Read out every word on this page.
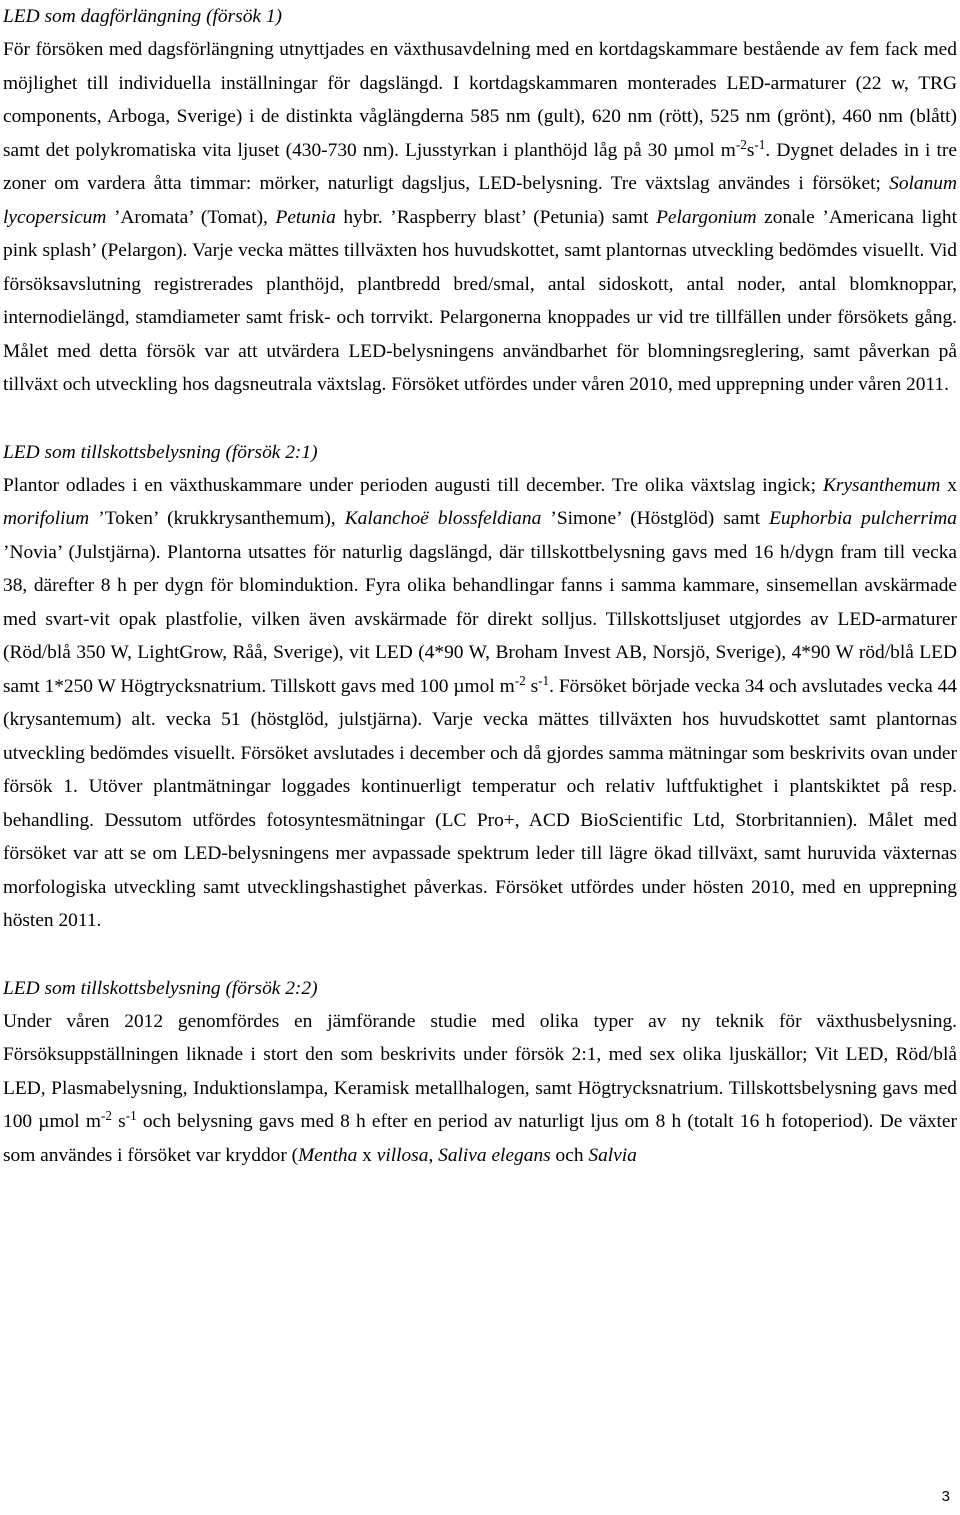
LED som dagförlängning (försök 1)

För försöken med dagsförlängning utnyttjades en växthusavdelning med en kortdagskammare bestående av fem fack med möjlighet till individuella inställningar för dagslängd. I kortdagskammaren monterades LED-armaturer (22 w, TRG components, Arboga, Sverige) i de distinkta våglängderna 585 nm (gult), 620 nm (rött), 525 nm (grönt), 460 nm (blått) samt det polykromatiska vita ljuset (430-730 nm). Ljusstyrkan i planthöjd låg på 30 µmol $m^{-2}s^{-1}$. Dygnet delades in i tre zoner om vardera åtta timmar: mörker, naturligt dagsljus, LED-belysning. Tre växtslag användes i försöket; Solanum lycopersicum ’Aromata’ (Tomat), Petunia hybr. ’Raspberry blast’ (Petunia) samt Pelargonium zonale ’Americana light pink splash’ (Pelargon). Varje vecka mättes tillväxten hos huvudskottet, samt plantornas utveckling bedömdes visuellt. Vid försöksavslutning registrerades planthöjd, plantbredd bred/smal, antal sidoskott, antal noder, antal blomknoppar, internodielängd, stamdiameter samt frisk- och torrvikt. Pelargonerna knoppades ur vid tre tillfällen under försökets gång. Målet med detta försök var att utvärdera LED-belysningens användbarhet för blomningsreglering, samt påverkan på tillväxt och utveckling hos dagsneutrala växtslag. Försöket utfördes under våren 2010, med upprepning under våren 2011.

LED som tillskottsbelysning (försök 2:1)

Plantor odlades i en växthuskammare under perioden augusti till december. Tre olika växtslag ingick; Krysanthemum x morifolium ’Token’ (krukkrysanthemum), Kalanchoë blossfeldiana ’Simone’ (Höstglöd) samt Euphorbia pulcherrima ’Novia’ (Julstjärna). Plantorna utsattes för naturlig dagslängd, där tillskottbelysning gavs med 16 h/dygn fram till vecka 38, därefter 8 h per dygn för blominduktion. Fyra olika behandlingar fanns i samma kammare, sinsemellan avskärmade med svart-vit opak plastfolie, vilken även avskärmade för direkt solljus. Tillskottsljuset utgjordes av LED-armaturer (Röd/blå 350 W, LightGrow, Råå, Sverige), vit LED (4*90 W, Broham Invest AB, Norsjö, Sverige), 4*90 W röd/blå LED samt 1*250 W Högtrycksnatrium. Tillskott gavs med 100 µmol $m^{-2}$ $s^{-1}$. Försöket började vecka 34 och avslutades vecka 44 (krysantemum) alt. vecka 51 (höstglöd, julstjärna). Varje vecka mättes tillväxten hos huvudskottet samt plantornas utveckling bedömdes visuellt. Försöket avslutades i december och då gjordes samma mätningar som beskrivits ovan under försök 1. Utöver plantmätningar loggades kontinuerligt temperatur och relativ luftfuktighet i plantskiktet på resp. behandling. Dessutom utfördes fotosyntesmätningar (LC Pro+, ACD BioScientific Ltd, Storbritannien). Målet med försöket var att se om LED-belysningens mer avpassade spektrum leder till lägre ökad tillväxt, samt huruvida växternas morfologiska utveckling samt utvecklingshastighet påverkas. Försöket utfördes under hösten 2010, med en upprepning hösten 2011.

LED som tillskottsbelysning (försök 2:2)

Under våren 2012 genomfördes en jämförande studie med olika typer av ny teknik för växthusbelysning. Försöksuppställningen liknade i stort den som beskrivits under försök 2:1, med sex olika ljuskällor; Vit LED, Röd/blå LED, Plasmabelysning, Induktionslampa, Keramisk metallhalogen, samt Högtrycksnatrium. Tillskottsbelysning gavs med 100 µmol $m^{-2}$ $s^{-1}$ och belysning gavs med 8 h efter en period av naturligt ljus om 8 h (totalt 16 h fotoperiod). De växter som användes i försöket var kryddor (Mentha x villosa, Saliva elegans och Salvia

3
